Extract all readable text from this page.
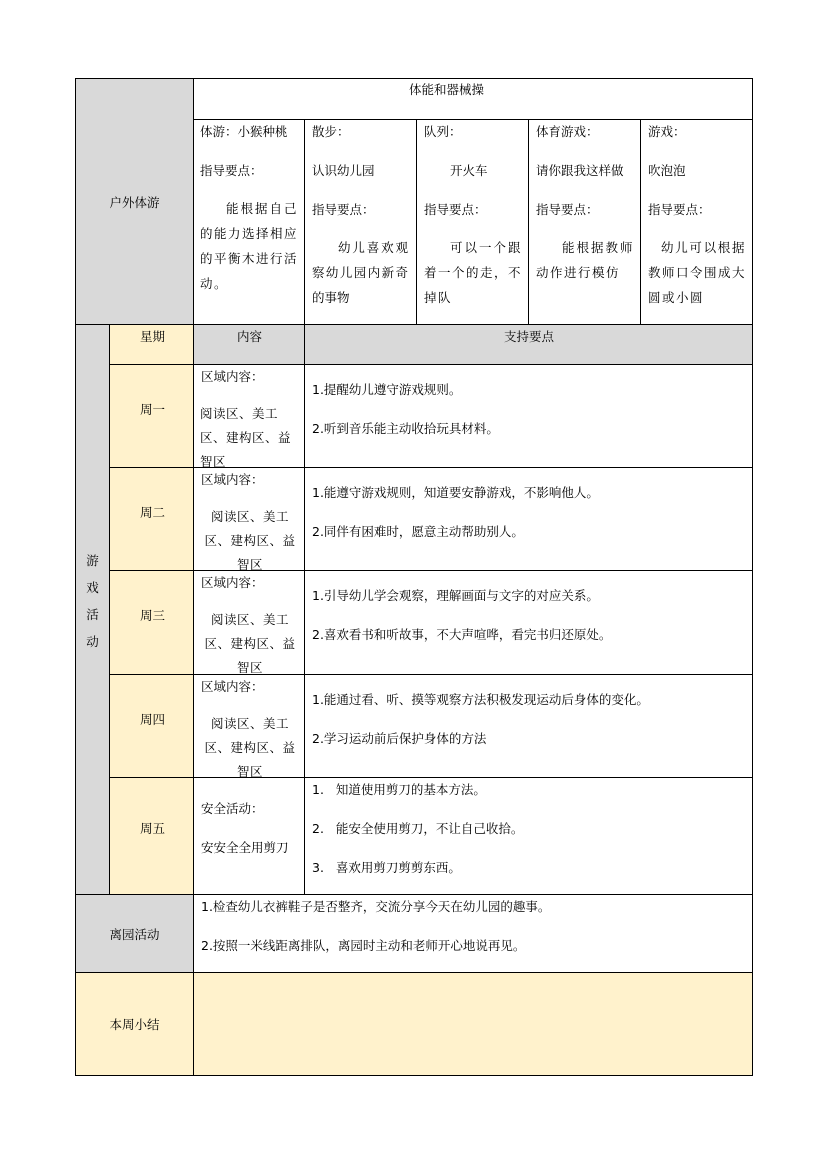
户外体游
体能和器械操
体游：小猴种桃
指导要点：
能根据自己的能力选择相应的平衡木进行活动。
散步：
认识幼儿园
指导要点：
幼儿喜欢观察幼儿园内新奇的事物
队列：
开火车
指导要点：
可以一个跟着一个的走，不掉队
体育游戏：
请你跟我这样做
指导要点：
能根据教师动作进行模仿
游戏：
吹泡泡
指导要点：
幼儿可以根据教师口令围成大圆或小圆
游
戏
活
动
星期	内容	支持要点
周一
区域内容：
阅读区、美工区、建构区、益智区
1.提醒幼儿遵守游戏规则。
2.听到音乐能主动收拾玩具材料。
周二
区域内容：
阅读区、美工区、建构区、益智区
1.能遵守游戏规则，知道要安静游戏，不影响他人。
2.同伴有困难时，愿意主动帮助别人。
周三
区域内容：
阅读区、美工区、建构区、益智区
1.引导幼儿学会观察，理解画面与文字的对应关系。
2.喜欢看书和听故事，不大声喧哗，看完书归还原处。
周四
区域内容：
阅读区、美工区、建构区、益智区
1.能通过看、听、摸等观察方法积极发现运动后身体的变化。
2.学习运动前后保护身体的方法
周五
安全活动：
安安全全用剪刀
1.   知道使用剪刀的基本方法。
2.   能安全使用剪刀，不让自己收拾。
3.   喜欢用剪刀剪剪东西。
离园活动
1.检查幼儿衣裤鞋子是否整齐，交流分享今天在幼儿园的趣事。
2.按照一米线距离排队，离园时主动和老师开心地说再见。
本周小结
